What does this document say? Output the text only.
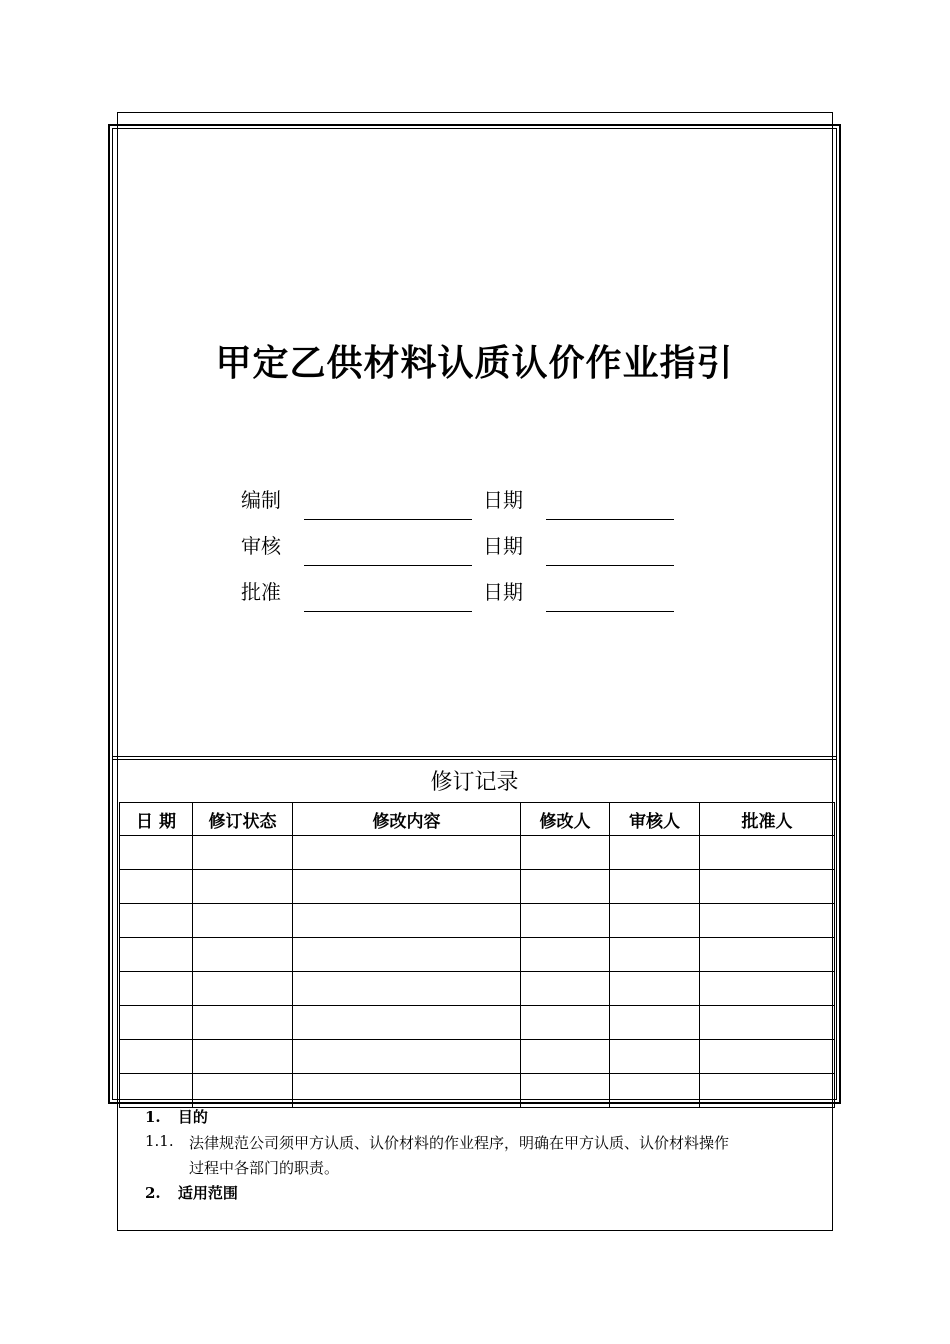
甲定乙供材料认质认价作业指引
编制	日期
审核	日期
批准	日期
修订记录
日 期	修订状态	修改内容	修改人	审核人	批准人

1. 目的
1.1. 法律规范公司须甲方认质、认价材料的作业程序，明确在甲方认质、认价材料操作
过程中各部门的职责。
2. 适用范围
